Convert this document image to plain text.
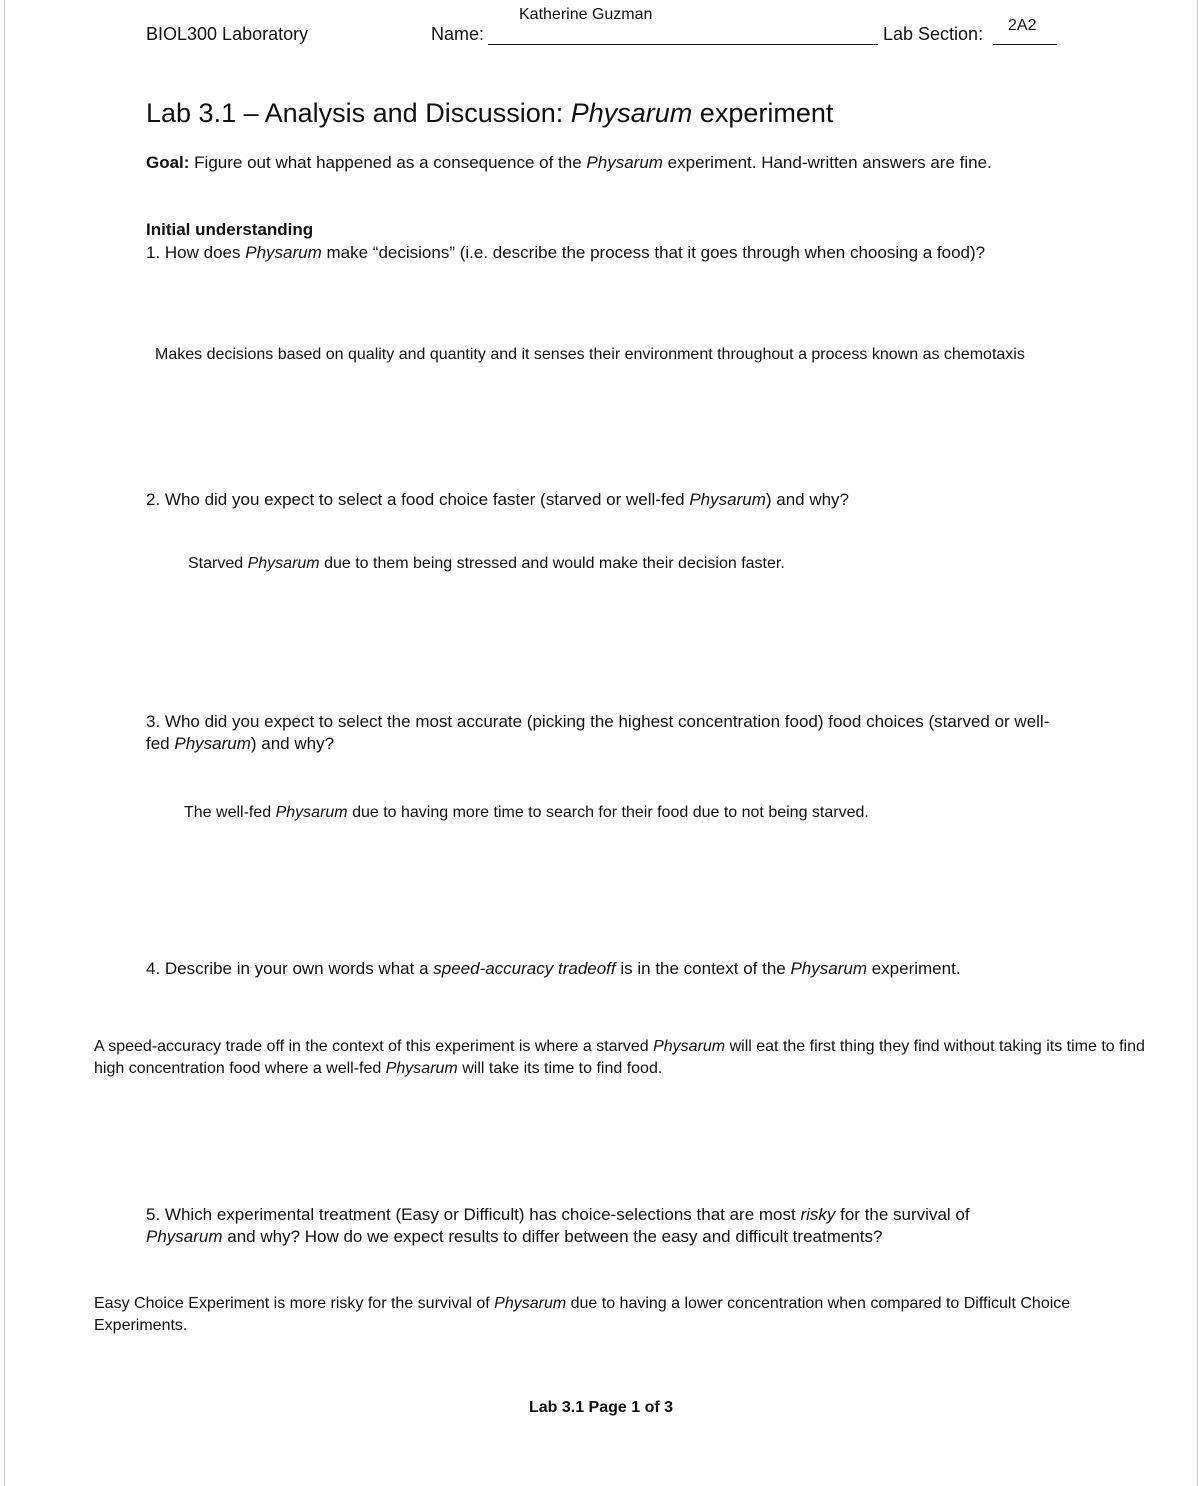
BIOL300 Laboratory	Name:
Katherine Guzman
Lab Section: 2A2
Lab 3.1 – Analysis and Discussion: Physarum experiment
Goal: Figure out what happened as a consequence of the Physarum experiment. Hand-written answers are fine.
Initial understanding
1. How does Physarum make “decisions” (i.e. describe the process that it goes through when choosing a food)?
Makes decisions based on quality and quantity and it senses their environment throughout a process known as chemotaxis
2. Who did you expect to select a food choice faster (starved or well-fed Physarum) and why?
Starved Physarum due to them being stressed and would make their decision faster.
3. Who did you expect to select the most accurate (picking the highest concentration food) food choices (starved or well-fed Physarum) and why?
The well-fed Physarum due to having more time to search for their food due to not being starved.
4. Describe in your own words what a speed-accuracy tradeoff is in the context of the Physarum experiment.
A speed-accuracy trade off in the context of this experiment is where a starved Physarum will eat the first thing they find without taking its time to find high concentration food where a well-fed Physarum will take its time to find food.
5. Which experimental treatment (Easy or Difficult) has choice-selections that are most risky for the survival of Physarum and why? How do we expect results to differ between the easy and difficult treatments?
Easy Choice Experiment is more risky for the survival of Physarum due to having a lower concentration when compared to Difficult Choice Experiments.
Lab 3.1 Page 1 of 3
